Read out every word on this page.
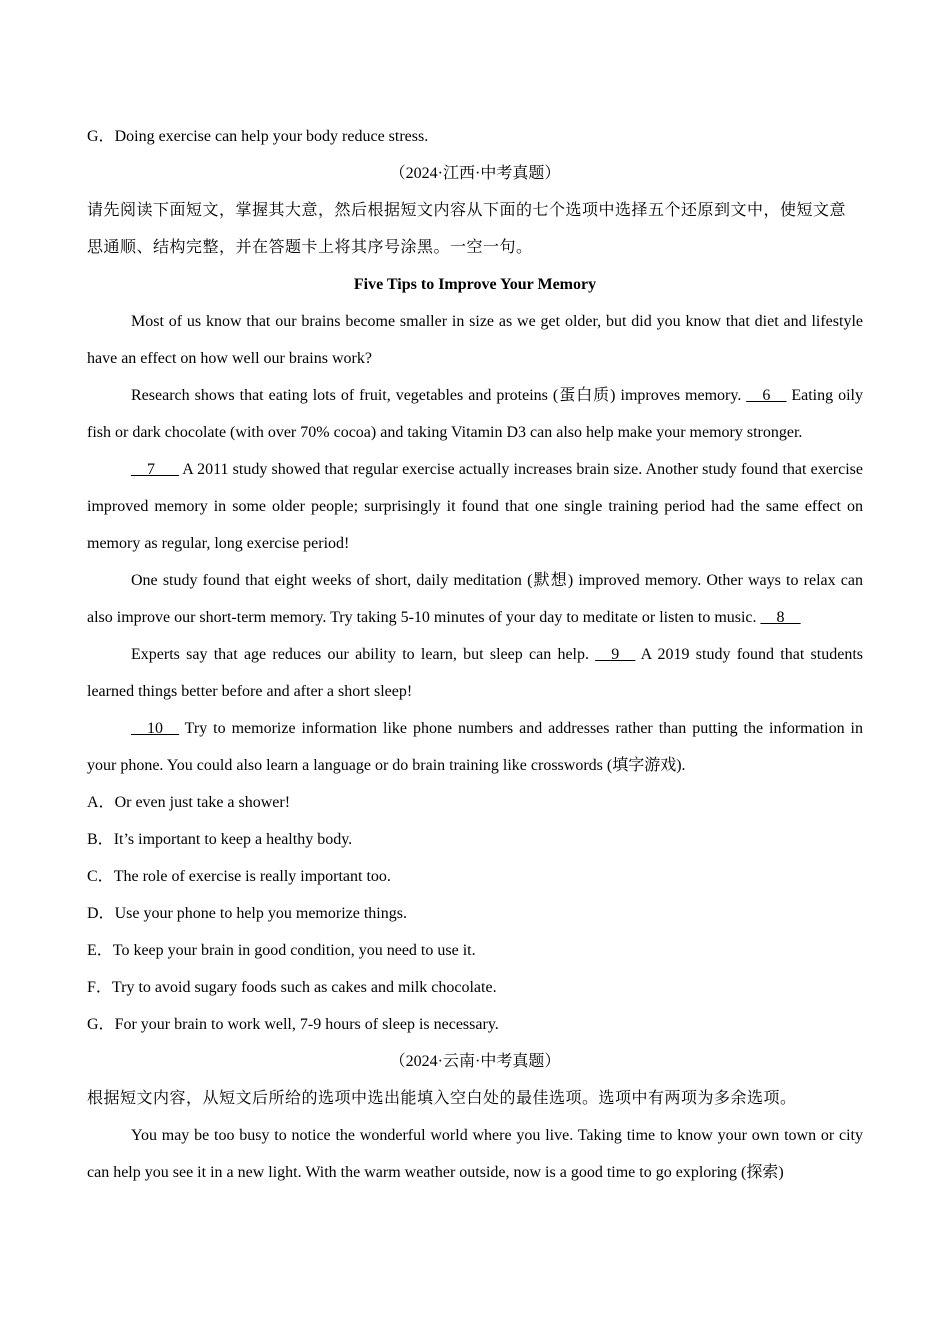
G．Doing exercise can help your body reduce stress.

（2024·江西·中考真题）

请先阅读下面短文，掌握其大意，然后根据短文内容从下面的七个选项中选择五个还原到文中，使短文意

思通顺、结构完整，并在答题卡上将其序号涂黑。一空一句。

Five Tips to Improve Your Memory

Most of us know that our brains become smaller in size as we get older, but did you know that diet and lifestyle have an effect on how well our brains work?

Research shows that eating lots of fruit, vegetables and proteins (蛋白质) improves memory. __6__ Eating oily fish or dark chocolate (with over 70% cocoa) and taking Vitamin D3 can also help make your memory stronger.

__7___ A 2011 study showed that regular exercise actually increases brain size. Another study found that exercise improved memory in some older people; surprisingly it found that one single training period had the same effect on memory as regular, long exercise period!

One study found that eight weeks of short, daily meditation (默想) improved memory. Other ways to relax can also improve our short-term memory. Try taking 5-10 minutes of your day to meditate or listen to music. __8__

Experts say that age reduces our ability to learn, but sleep can help. __9__ A 2019 study found that students learned things better before and after a short sleep!

__10__ Try to memorize information like phone numbers and addresses rather than putting the information in your phone. You could also learn a language or do brain training like crosswords (填字游戏).

A．Or even just take a shower!

B．It’s important to keep a healthy body.

C．The role of exercise is really important too.

D．Use your phone to help you memorize things.

E．To keep your brain in good condition, you need to use it.

F．Try to avoid sugary foods such as cakes and milk chocolate.

G．For your brain to work well, 7-9 hours of sleep is necessary.

（2024·云南·中考真题）

根据短文内容，从短文后所给的选项中选出能填入空白处的最佳选项。选项中有两项为多余选项。

You may be too busy to notice the wonderful world where you live. Taking time to know your own town or city can help you see it in a new light. With the warm weather outside, now is a good time to go exploring (探索)
